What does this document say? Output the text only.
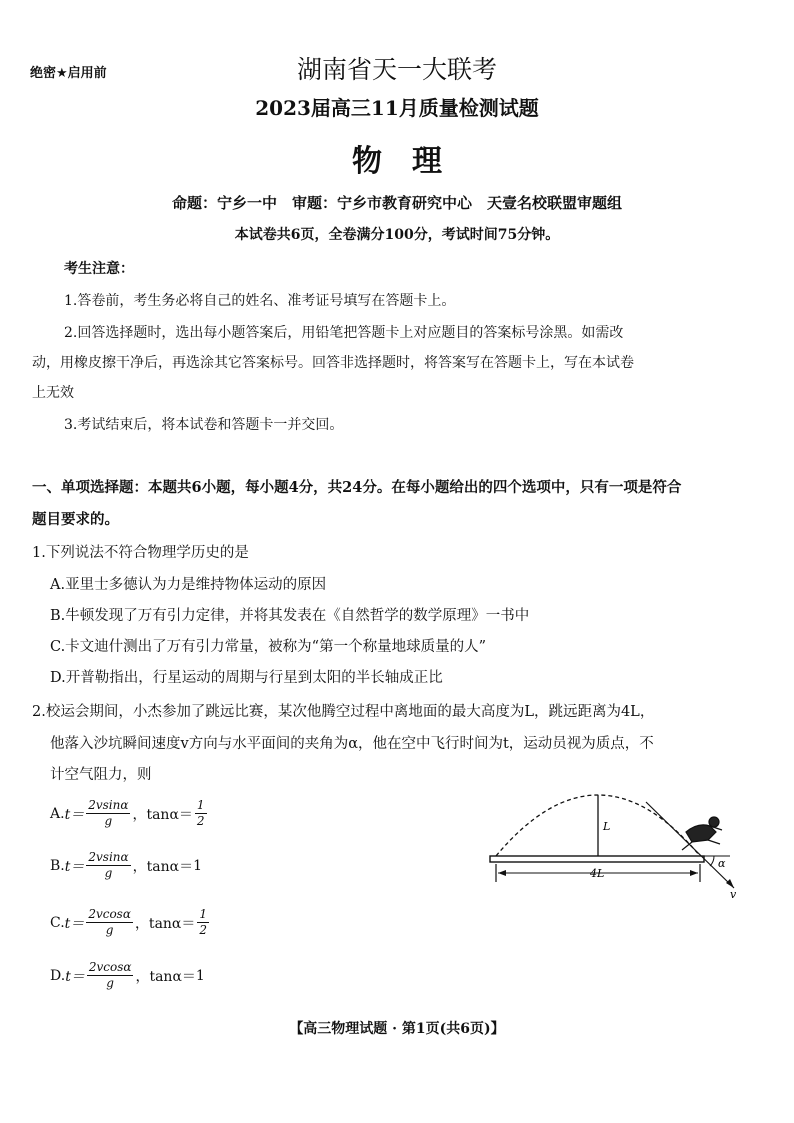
绝密★启用前	湖南省天一大联考
2023届高三11月质量检测试题
物　理
命题：宁乡一中　审题：宁乡市教育研究中心　天壹名校联盟审题组
本试卷共6页，全卷满分100分，考试时间75分钟。
考生注意：
1.答卷前，考生务必将自己的姓名、准考证号填写在答题卡上。
2.回答选择题时，选出每小题答案后，用铅笔把答题卡上对应题目的答案标号涂黑。如需改
动，用橡皮擦干净后，再选涂其它答案标号。回答非选择题时，将答案写在答题卡上，写在本试卷
上无效
3.考试结束后，将本试卷和答题卡一并交回。
一、单项选择题：本题共6小题，每小题4分，共24分。在每小题给出的四个选项中，只有一项是符合
题目要求的。
1.下列说法不符合物理学历史的是
A.亚里士多德认为力是维持物体运动的原因
B.牛顿发现了万有引力定律，并将其发表在《自然哲学的数学原理》一书中
C.卡文迪什测出了万有引力常量，被称为“第一个称量地球质量的人”
D.开普勒指出，行星运动的周期与行星到太阳的半长轴成正比
2.校运会期间，小杰参加了跳远比赛，某次他腾空过程中离地面的最大高度为L，跳远距离为4L，
他落入沙坑瞬间速度v方向与水平面间的夹角为α，他在空中飞行时间为t，运动员视为质点，不
计空气阻力，则
A. $t= \frac{2vsin\alpha}{g}$ ，$\tan\alpha= \frac{1}{2}$
B. $t= \frac{2vsin\alpha}{g}$ ，tanα＝ 1
C. $t= \frac{2vcos\alpha}{g}$ ，$\tan\alpha= \frac{1}{2}$
D. $t= \frac{2vcos\alpha}{g}$ ，tanα＝ 1
L
4L
v
α
【高三物理试题 · 第1页(共6页)】
